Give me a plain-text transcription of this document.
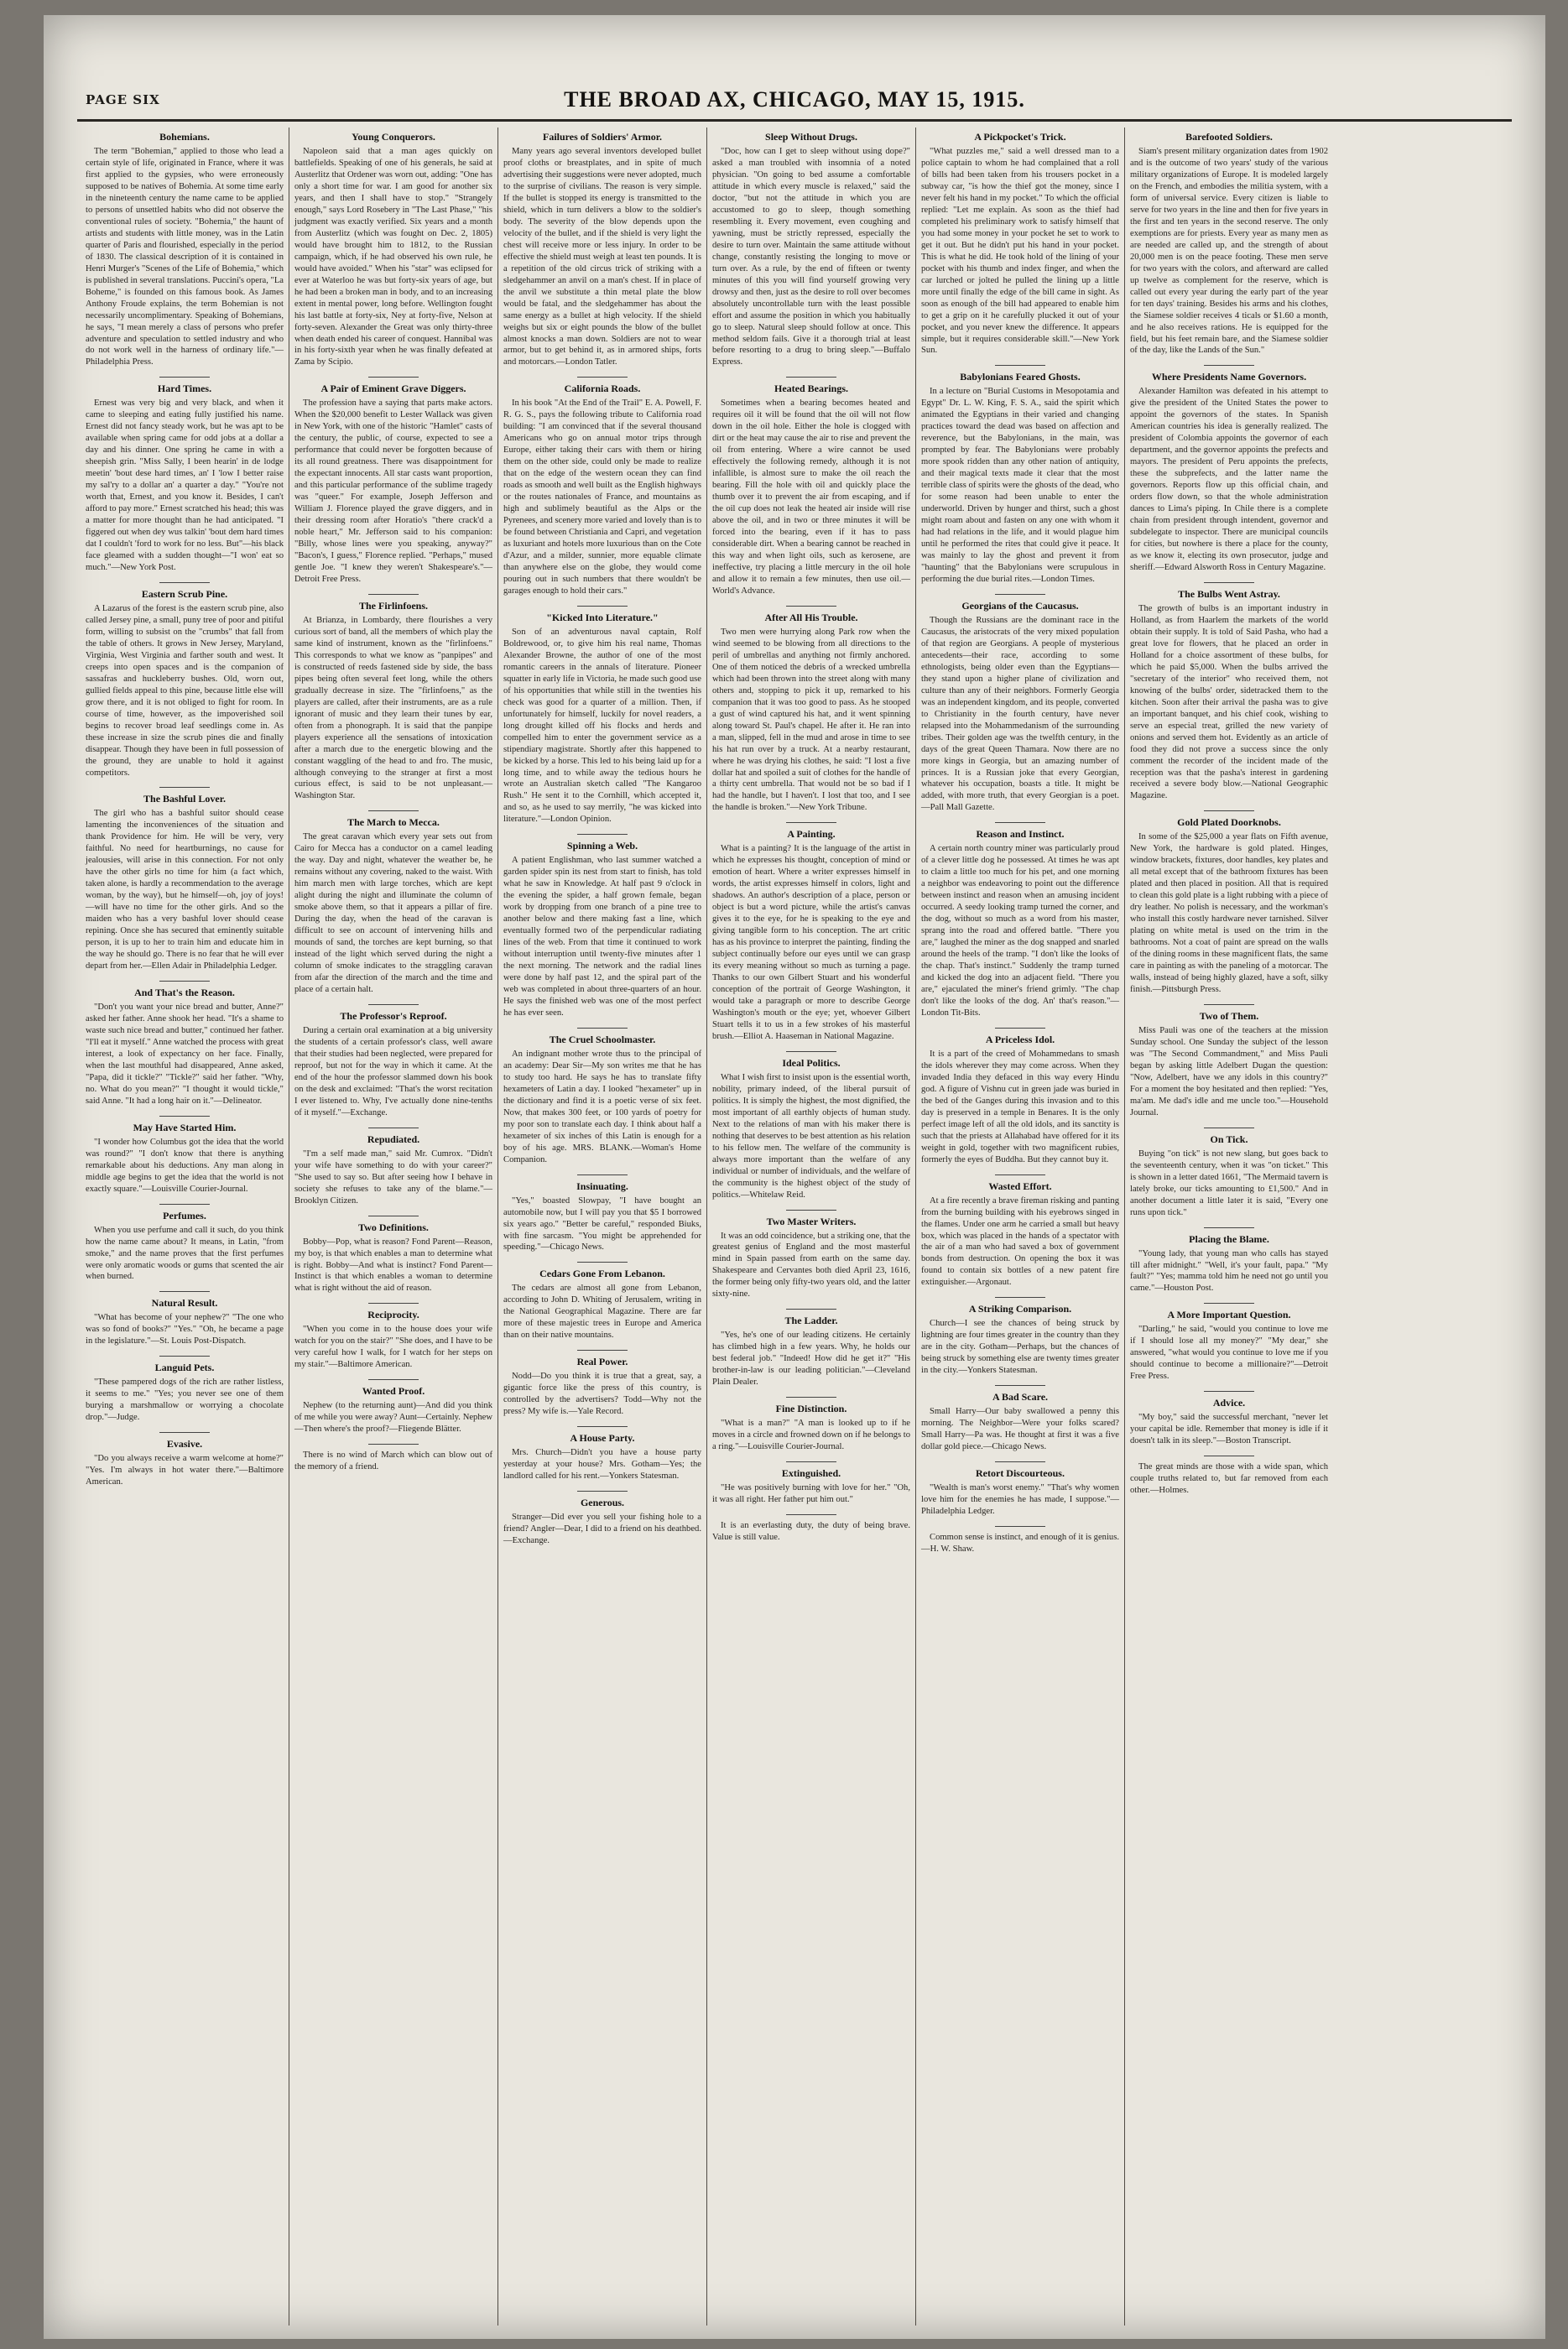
PAGE SIX	THE BROAD AX, CHICAGO, MAY 15, 1915.
Bohemians.

The term "Bohemian," applied to those who lead a certain style of life, originated in France, where it was first applied to the gypsies, who were erroneously supposed to be natives of Bohemia. At some time early in the nineteenth century the name came to be applied to persons of unsettled habits who did not observe the conventional rules of society. "Bohemia," the haunt of artists and students with little money, was in the Latin quarter of Paris and flourished, especially in the period of 1830. The classical description of it is contained in Henri Murger's "Scenes of the Life of Bohemia," which is published in several translations. Puccini's opera, "La Boheme," is founded on this famous book. As James Anthony Froude explains, the term Bohemian is not necessarily uncomplimentary. Speaking of Bohemians, he says, "I mean merely a class of persons who prefer adventure and speculation to settled industry and who do not work well in the harness of ordinary life."—Philadelphia Press.

Hard Times.

Ernest was very big and very black, and when it came to sleeping and eating fully justified his name. Ernest did not fancy steady work, but he was apt to be available when spring came for odd jobs at a dollar a day and his dinner. One spring he came in with a sheepish grin. "Miss Sally, I been hearin' in de lodge meetin' 'bout dese hard times, an' I 'low I better raise my sal'ry to a dollar an' a quarter a day." "You're not worth that, Ernest, and you know it. Besides, I can't afford to pay more." Ernest scratched his head; this was a matter for more thought than he had anticipated. "I figgered out when dey wus talkin' 'bout dem hard times dat I couldn't 'ford to work for no less. But"—his black face gleamed with a sudden thought—"I won' eat so much."—New York Post.

Eastern Scrub Pine.

A Lazarus of the forest is the eastern scrub pine, also called Jersey pine, a small, puny tree of poor and pitiful form, willing to subsist on the "crumbs" that fall from the table of others. It grows in New Jersey, Maryland, Virginia, West Virginia and farther south and west. It creeps into open spaces and is the companion of sassafras and huckleberry bushes. Old, worn out, gullied fields appeal to this pine, because little else will grow there, and it is not obliged to fight for room. In course of time, however, as the impoverished soil begins to recover broad leaf seedlings come in. As these increase in size the scrub pines die and finally disappear. Though they have been in full possession of the ground, they are unable to hold it against competitors.

The Bashful Lover.

The girl who has a bashful suitor should cease lamenting the inconveniences of the situation and thank Providence for him. He will be very, very faithful. No need for heartburnings, no cause for jealousies, will arise in this connection. For not only have the other girls no time for him (a fact which, taken alone, is hardly a recommendation to the average woman, by the way), but he himself—oh, joy of joys!—will have no time for the other girls. And so the maiden who has a very bashful lover should cease repining. Once she has secured that eminently suitable person, it is up to her to train him and educate him in the way he should go. There is no fear that he will ever depart from her.—Ellen Adair in Philadelphia Ledger.

And That's the Reason.

"Don't you want your nice bread and butter, Anne?" asked her father. Anne shook her head. "It's a shame to waste such nice bread and butter," continued her father. "I'll eat it myself." Anne watched the process with great interest, a look of expectancy on her face. Finally, when the last mouthful had disappeared, Anne asked, "Papa, did it tickle?" "Tickle?" said her father. "Why, no. What do you mean?" "I thought it would tickle," said Anne. "It had a long hair on it."—Delineator.

May Have Started Him.

"I wonder how Columbus got the idea that the world was round?" "I don't know that there is anything remarkable about his deductions. Any man along in middle age begins to get the idea that the world is not exactly square."—Louisville Courier-Journal.

Perfumes.

When you use perfume and call it such, do you think how the name came about? It means, in Latin, "from smoke," and the name proves that the first perfumes were only aromatic woods or gums that scented the air when burned.

Natural Result.

"What has become of your nephew?" "The one who was so fond of books?" "Yes." "Oh, he became a page in the legislature."—St. Louis Post-Dispatch.

Languid Pets.

"These pampered dogs of the rich are rather listless, it seems to me." "Yes; you never see one of them burying a marshmallow or worrying a chocolate drop."—Judge.

Evasive.

"Do you always receive a warm welcome at home?" "Yes. I'm always in hot water there."—Baltimore American.

Young Conquerors.

Napoleon said that a man ages quickly on battlefields. Speaking of one of his generals, he said at Austerlitz that Ordener was worn out, adding: "One has only a short time for war. I am good for another six years, and then I shall have to stop." "Strangely enough," says Lord Rosebery in "The Last Phase," "his judgment was exactly verified. Six years and a month from Austerlitz (which was fought on Dec. 2, 1805) would have brought him to 1812, to the Russian campaign, which, if he had observed his own rule, he would have avoided." When his "star" was eclipsed for ever at Waterloo he was but forty-six years of age, but he had been a broken man in body, and to an increasing extent in mental power, long before. Wellington fought his last battle at forty-six, Ney at forty-five, Nelson at forty-seven. Alexander the Great was only thirty-three when death ended his career of conquest. Hannibal was in his forty-sixth year when he was finally defeated at Zama by Scipio.

A Pair of Eminent Grave Diggers.

The profession have a saying that parts make actors. When the $20,000 benefit to Lester Wallack was given in New York, with one of the historic "Hamlet" casts of the century, the public, of course, expected to see a performance that could never be forgotten because of its all round greatness. There was disappointment for the expectant innocents. All star casts want proportion, and this particular performance of the sublime tragedy was "queer." For example, Joseph Jefferson and William J. Florence played the grave diggers, and in their dressing room after Horatio's "there crack'd a noble heart," Mr. Jefferson said to his companion: "Billy, whose lines were you speaking, anyway?" "Bacon's, I guess," Florence replied. "Perhaps," mused gentle Joe. "I knew they weren't Shakespeare's."—Detroit Free Press.

The Firlinfoens.

At Brianza, in Lombardy, there flourishes a very curious sort of band, all the members of which play the same kind of instrument, known as the "firlinfoens." This corresponds to what we know as "panpipes" and is constructed of reeds fastened side by side, the bass pipes being often several feet long, while the others gradually decrease in size. The "firlinfoens," as the players are called, after their instruments, are as a rule ignorant of music and they learn their tunes by ear, often from a phonograph. It is said that the panpipe players experience all the sensations of intoxication after a march due to the energetic blowing and the constant waggling of the head to and fro. The music, although conveying to the stranger at first a most curious effect, is said to be not unpleasant.—Washington Star.

The March to Mecca.

The great caravan which every year sets out from Cairo for Mecca has a conductor on a camel leading the way. Day and night, whatever the weather be, he remains without any covering, naked to the waist. With him march men with large torches, which are kept alight during the night and illuminate the column of smoke above them, so that it appears a pillar of fire. During the day, when the head of the caravan is difficult to see on account of intervening hills and mounds of sand, the torches are kept burning, so that instead of the light which served during the night a column of smoke indicates to the straggling caravan from afar the direction of the march and the time and place of a certain halt.

The Professor's Reproof.

During a certain oral examination at a big university the students of a certain professor's class, well aware that their studies had been neglected, were prepared for reproof, but not for the way in which it came. At the end of the hour the professor slammed down his book on the desk and exclaimed: "That's the worst recitation I ever listened to. Why, I've actually done nine-tenths of it myself."—Exchange.

Repudiated.

"I'm a self made man," said Mr. Cumrox. "Didn't your wife have something to do with your career?" "She used to say so. But after seeing how I behave in society she refuses to take any of the blame."—Brooklyn Citizen.

Two Definitions.

Bobby—Pop, what is reason? Fond Parent—Reason, my boy, is that which enables a man to determine what is right. Bobby—And what is instinct? Fond Parent—Instinct is that which enables a woman to determine what is right without the aid of reason.

Reciprocity.

"When you come in to the house does your wife watch for you on the stair?" "She does, and I have to be very careful how I walk, for I watch for her steps on my stair."—Baltimore American.

Wanted Proof.

Nephew (to the returning aunt)—And did you think of me while you were away? Aunt—Certainly. Nephew—Then where's the proof?—Fliegende Blätter.

There is no wind of March which can blow out of the memory of a friend.

Failures of Soldiers' Armor.

Many years ago several inventors developed bullet proof cloths or breastplates, and in spite of much advertising their suggestions were never adopted, much to the surprise of civilians. The reason is very simple. If the bullet is stopped its energy is transmitted to the shield, which in turn delivers a blow to the soldier's body. The severity of the blow depends upon the velocity of the bullet, and if the shield is very light the chest will receive more or less injury. In order to be effective the shield must weigh at least ten pounds. It is a repetition of the old circus trick of striking with a sledgehammer an anvil on a man's chest. If in place of the anvil we substitute a thin metal plate the blow would be fatal, and the sledgehammer has about the same energy as a bullet at high velocity. If the shield weighs but six or eight pounds the blow of the bullet almost knocks a man down. Soldiers are not to wear armor, but to get behind it, as in armored ships, forts and motorcars.—London Tatler.

California Roads.

In his book "At the End of the Trail" E. A. Powell, F. R. G. S., pays the following tribute to California road building: "I am convinced that if the several thousand Americans who go on annual motor trips through Europe, either taking their cars with them or hiring them on the other side, could only be made to realize that on the edge of the western ocean they can find roads as smooth and well built as the English highways or the routes nationales of France, and mountains as high and sublimely beautiful as the Alps or the Pyrenees, and scenery more varied and lovely than is to be found between Christiania and Capri, and vegetation as luxuriant and hotels more luxurious than on the Cote d'Azur, and a milder, sunnier, more equable climate than anywhere else on the globe, they would come pouring out in such numbers that there wouldn't be garages enough to hold their cars."

"Kicked Into Literature."

Son of an adventurous naval captain, Rolf Boldrewood, or, to give him his real name, Thomas Alexander Browne, the author of one of the most romantic careers in the annals of literature. Pioneer squatter in early life in Victoria, he made such good use of his opportunities that while still in the twenties his check was good for a quarter of a million. Then, if unfortunately for himself, luckily for novel readers, a long drought killed off his flocks and herds and compelled him to enter the government service as a stipendiary magistrate. Shortly after this happened to be kicked by a horse. This led to his being laid up for a long time, and to while away the tedious hours he wrote an Australian sketch called "The Kangaroo Rush." He sent it to the Cornhill, which accepted it, and so, as he used to say merrily, "he was kicked into literature."—London Opinion.

Spinning a Web.

A patient Englishman, who last summer watched a garden spider spin its nest from start to finish, has told what he saw in Knowledge. At half past 9 o'clock in the evening the spider, a half grown female, began work by dropping from one branch of a pine tree to another below and there making fast a line, which eventually formed two of the perpendicular radiating lines of the web. From that time it continued to work without interruption until twenty-five minutes after 1 the next morning. The network and the radial lines were done by half past 12, and the spiral part of the web was completed in about three-quarters of an hour. He says the finished web was one of the most perfect he has ever seen.

The Cruel Schoolmaster.

An indignant mother wrote thus to the principal of an academy: Dear Sir—My son writes me that he has to study too hard. He says he has to translate fifty hexameters of Latin a day. I looked "hexameter" up in the dictionary and find it is a poetic verse of six feet. Now, that makes 300 feet, or 100 yards of poetry for my poor son to translate each day. I think about half a hexameter of six inches of this Latin is enough for a boy of his age. MRS. BLANK.—Woman's Home Companion.

Insinuating.

"Yes," boasted Slowpay, "I have bought an automobile now, but I will pay you that $5 I borrowed six years ago." "Better be careful," responded Biuks, with fine sarcasm. "You might be apprehended for speeding."—Chicago News.

Cedars Gone From Lebanon.

The cedars are almost all gone from Lebanon, according to John D. Whiting of Jerusalem, writing in the National Geographical Magazine. There are far more of these majestic trees in Europe and America than on their native mountains.

Real Power.

Nodd—Do you think it is true that a great, say, a gigantic force like the press of this country, is controlled by the advertisers? Todd—Why not the press? My wife is.—Yale Record.

A House Party.

Mrs. Church—Didn't you have a house party yesterday at your house? Mrs. Gotham—Yes; the landlord called for his rent.—Yonkers Statesman.

Generous.

Stranger—Did ever you sell your fishing hole to a friend? Angler—Dear, I did to a friend on his deathbed.—Exchange.

Sleep Without Drugs.

"Doc, how can I get to sleep without using dope?" asked a man troubled with insomnia of a noted physician. "On going to bed assume a comfortable attitude in which every muscle is relaxed," said the doctor, "but not the attitude in which you are accustomed to go to sleep, though something resembling it. Every movement, even coughing and yawning, must be strictly repressed, especially the desire to turn over. Maintain the same attitude without change, constantly resisting the longing to move or turn over. As a rule, by the end of fifteen or twenty minutes of this you will find yourself growing very drowsy and then, just as the desire to roll over becomes absolutely uncontrollable turn with the least possible effort and assume the position in which you habitually go to sleep. Natural sleep should follow at once. This method seldom fails. Give it a thorough trial at least before resorting to a drug to bring sleep."—Buffalo Express.

Heated Bearings.

Sometimes when a bearing becomes heated and requires oil it will be found that the oil will not flow down in the oil hole. Either the hole is clogged with dirt or the heat may cause the air to rise and prevent the oil from entering. Where a wire cannot be used effectively the following remedy, although it is not infallible, is almost sure to make the oil reach the bearing. Fill the hole with oil and quickly place the thumb over it to prevent the air from escaping, and if the oil cup does not leak the heated air inside will rise above the oil, and in two or three minutes it will be forced into the bearing, even if it has to pass considerable dirt. When a bearing cannot be reached in this way and when light oils, such as kerosene, are ineffective, try placing a little mercury in the oil hole and allow it to remain a few minutes, then use oil.—World's Advance.

After All His Trouble.

Two men were hurrying along Park row when the wind seemed to be blowing from all directions to the peril of umbrellas and anything not firmly anchored. One of them noticed the debris of a wrecked umbrella which had been thrown into the street along with many others and, stopping to pick it up, remarked to his companion that it was too good to pass. As he stooped a gust of wind captured his hat, and it went spinning along toward St. Paul's chapel. He after it. He ran into a man, slipped, fell in the mud and arose in time to see his hat run over by a truck. At a nearby restaurant, where he was drying his clothes, he said: "I lost a five dollar hat and spoiled a suit of clothes for the handle of a thirty cent umbrella. That would not be so bad if I had the handle, but I haven't. I lost that too, and I see the handle is broken."—New York Tribune.

A Painting.

What is a painting? It is the language of the artist in which he expresses his thought, conception of mind or emotion of heart. Where a writer expresses himself in words, the artist expresses himself in colors, light and shadows. An author's description of a place, person or object is but a word picture, while the artist's canvas gives it to the eye, for he is speaking to the eye and giving tangible form to his conception. The art critic has as his province to interpret the painting, finding the subject continually before our eyes until we can grasp its every meaning without so much as turning a page. Thanks to our own Gilbert Stuart and his wonderful conception of the portrait of George Washington, it would take a paragraph or more to describe George Washington's mouth or the eye; yet, whoever Gilbert Stuart tells it to us in a few strokes of his masterful brush.—Elliot A. Haaseman in National Magazine.

Ideal Politics.

What I wish first to insist upon is the essential worth, nobility, primary indeed, of the liberal pursuit of politics. It is simply the highest, the most dignified, the most important of all earthly objects of human study. Next to the relations of man with his maker there is nothing that deserves to be best attention as his relation to his fellow men. The welfare of the community is always more important than the welfare of any individual or number of individuals, and the welfare of the community is the highest object of the study of politics.—Whitelaw Reid.

Two Master Writers.

It was an odd coincidence, but a striking one, that the greatest genius of England and the most masterful mind in Spain passed from earth on the same day. Shakespeare and Cervantes both died April 23, 1616, the former being only fifty-two years old, and the latter sixty-nine.

The Ladder.

"Yes, he's one of our leading citizens. He certainly has climbed high in a few years. Why, he holds our best federal job." "Indeed! How did he get it?" "His brother-in-law is our leading politician."—Cleveland Plain Dealer.

Fine Distinction.

"What is a man?" "A man is looked up to if he moves in a circle and frowned down on if he belongs to a ring."—Louisville Courier-Journal.

Extinguished.

"He was positively burning with love for her." "Oh, it was all right. Her father put him out."

It is an everlasting duty, the duty of being brave. Value is still value.

A Pickpocket's Trick.

"What puzzles me," said a well dressed man to a police captain to whom he had complained that a roll of bills had been taken from his trousers pocket in a subway car, "is how the thief got the money, since I never felt his hand in my pocket." To which the official replied: "Let me explain. As soon as the thief had completed his preliminary work to satisfy himself that you had some money in your pocket he set to work to get it out. But he didn't put his hand in your pocket. This is what he did. He took hold of the lining of your pocket with his thumb and index finger, and when the car lurched or jolted he pulled the lining up a little more until finally the edge of the bill came in sight. As soon as enough of the bill had appeared to enable him to get a grip on it he carefully plucked it out of your pocket, and you never knew the difference. It appears simple, but it requires considerable skill."—New York Sun.

Babylonians Feared Ghosts.

In a lecture on "Burial Customs in Mesopotamia and Egypt" Dr. L. W. King, F. S. A., said the spirit which animated the Egyptians in their varied and changing practices toward the dead was based on affection and reverence, but the Babylonians, in the main, was prompted by fear. The Babylonians were probably more spook ridden than any other nation of antiquity, and their magical texts made it clear that the most terrible class of spirits were the ghosts of the dead, who for some reason had been unable to enter the underworld. Driven by hunger and thirst, such a ghost might roam about and fasten on any one with whom it had had relations in the life, and it would plague him until he performed the rites that could give it peace. It was mainly to lay the ghost and prevent it from "haunting" that the Babylonians were scrupulous in performing the due burial rites.—London Times.

Georgians of the Caucasus.

Though the Russians are the dominant race in the Caucasus, the aristocrats of the very mixed population of that region are Georgians. A people of mysterious antecedents—their race, according to some ethnologists, being older even than the Egyptians—they stand upon a higher plane of civilization and culture than any of their neighbors. Formerly Georgia was an independent kingdom, and its people, converted to Christianity in the fourth century, have never relapsed into the Mohammedanism of the surrounding tribes. Their golden age was the twelfth century, in the days of the great Queen Thamara. Now there are no more kings in Georgia, but an amazing number of princes. It is a Russian joke that every Georgian, whatever his occupation, boasts a title. It might be added, with more truth, that every Georgian is a poet.—Pall Mall Gazette.

Reason and Instinct.

A certain north country miner was particularly proud of a clever little dog he possessed. At times he was apt to claim a little too much for his pet, and one morning a neighbor was endeavoring to point out the difference between instinct and reason when an amusing incident occurred. A seedy looking tramp turned the corner, and the dog, without so much as a word from his master, sprang into the road and offered battle. "There you are," laughed the miner as the dog snapped and snarled around the heels of the tramp. "I don't like the looks of the chap. That's instinct." Suddenly the tramp turned and kicked the dog into an adjacent field. "There you are," ejaculated the miner's friend grimly. "The chap don't like the looks of the dog. An' that's reason."—London Tit-Bits.

A Priceless Idol.

It is a part of the creed of Mohammedans to smash the idols wherever they may come across. When they invaded India they defaced in this way every Hindu god. A figure of Vishnu cut in green jade was buried in the bed of the Ganges during this invasion and to this day is preserved in a temple in Benares. It is the only perfect image left of all the old idols, and its sanctity is such that the priests at Allahabad have offered for it its weight in gold, together with two magnificent rubies, formerly the eyes of Buddha. But they cannot buy it.

Wasted Effort.

At a fire recently a brave fireman risking and panting from the burning building with his eyebrows singed in the flames. Under one arm he carried a small but heavy box, which was placed in the hands of a spectator with the air of a man who had saved a box of government bonds from destruction. On opening the box it was found to contain six bottles of a new patent fire extinguisher.—Argonaut.

A Striking Comparison.

Church—I see the chances of being struck by lightning are four times greater in the country than they are in the city. Gotham—Perhaps, but the chances of being struck by something else are twenty times greater in the city.—Yonkers Statesman.

A Bad Scare.

Small Harry—Our baby swallowed a penny this morning. The Neighbor—Were your folks scared? Small Harry—Pa was. He thought at first it was a five dollar gold piece.—Chicago News.

Retort Discourteous.

"Wealth is man's worst enemy." "That's why women love him for the enemies he has made, I suppose."—Philadelphia Ledger.

Common sense is instinct, and enough of it is genius.—H. W. Shaw.

Barefooted Soldiers.

Siam's present military organization dates from 1902 and is the outcome of two years' study of the various military organizations of Europe. It is modeled largely on the French, and embodies the militia system, with a form of universal service. Every citizen is liable to serve for two years in the line and then for five years in the first and ten years in the second reserve. The only exemptions are for priests. Every year as many men as are needed are called up, and the strength of about 20,000 men is on the peace footing. These men serve for two years with the colors, and afterward are called up twelve as complement for the reserve, which is called out every year during the early part of the year for ten days' training. Besides his arms and his clothes, the Siamese soldier receives 4 ticals or $1.60 a month, and he also receives rations. He is equipped for the field, but his feet remain bare, and the Siamese soldier of the day, like the Lands of the Sun."

Where Presidents Name Governors.

Alexander Hamilton was defeated in his attempt to give the president of the United States the power to appoint the governors of the states. In Spanish American countries his idea is generally realized. The president of Colombia appoints the governor of each department, and the governor appoints the prefects and mayors. The president of Peru appoints the prefects, these the subprefects, and the latter name the governors. Reports flow up this official chain, and orders flow down, so that the whole administration dances to Lima's piping. In Chile there is a complete chain from president through intendent, governor and subdelegate to inspector. There are municipal councils for cities, but nowhere is there a place for the county, as we know it, electing its own prosecutor, judge and sheriff.—Edward Alsworth Ross in Century Magazine.

The Bulbs Went Astray.

The growth of bulbs is an important industry in Holland, as from Haarlem the markets of the world obtain their supply. It is told of Said Pasha, who had a great love for flowers, that he placed an order in Holland for a choice assortment of these bulbs, for which he paid $5,000. When the bulbs arrived the "secretary of the interior" who received them, not knowing of the bulbs' order, sidetracked them to the kitchen. Soon after their arrival the pasha was to give an important banquet, and his chief cook, wishing to serve an especial treat, grilled the new variety of onions and served them hot. Evidently as an article of food they did not prove a success since the only comment the recorder of the incident made of the reception was that the pasha's interest in gardening received a severe body blow.—National Geographic Magazine.

Gold Plated Doorknobs.

In some of the $25,000 a year flats on Fifth avenue, New York, the hardware is gold plated. Hinges, window brackets, fixtures, door handles, key plates and all metal except that of the bathroom fixtures has been plated and then placed in position. All that is required to clean this gold plate is a light rubbing with a piece of dry leather. No polish is necessary, and the workman's who install this costly hardware never tarnished. Silver plating on white metal is used on the trim in the bathrooms. Not a coat of paint are spread on the walls of the dining rooms in these magnificent flats, the same care in painting as with the paneling of a motorcar. The walls, instead of being highly glazed, have a soft, silky finish.—Pittsburgh Press.

Two of Them.

Miss Pauli was one of the teachers at the mission Sunday school. One Sunday the subject of the lesson was "The Second Commandment," and Miss Pauli began by asking little Adelbert Dugan the question: "Now, Adelbert, have we any idols in this country?" For a moment the boy hesitated and then replied: "Yes, ma'am. Me dad's idle and me uncle too."—Household Journal.

On Tick.

Buying "on tick" is not new slang, but goes back to the seventeenth century, when it was "on ticket." This is shown in a letter dated 1661, "The Mermaid tavern is lately broke, our ticks amounting to £1,500." And in another document a little later it is said, "Every one runs upon tick."

Placing the Blame.

"Young lady, that young man who calls has stayed till after midnight." "Well, it's your fault, papa." "My fault?" "Yes; mamma told him he need not go until you came."—Houston Post.

A More Important Question.

"Darling," he said, "would you continue to love me if I should lose all my money?" "My dear," she answered, "what would you continue to love me if you should continue to become a millionaire?"—Detroit Free Press.

Advice.

"My boy," said the successful merchant, "never let your capital be idle. Remember that money is idle if it doesn't talk in its sleep."—Boston Transcript.

The great minds are those with a wide span, which couple truths related to, but far removed from each other.—Holmes.
